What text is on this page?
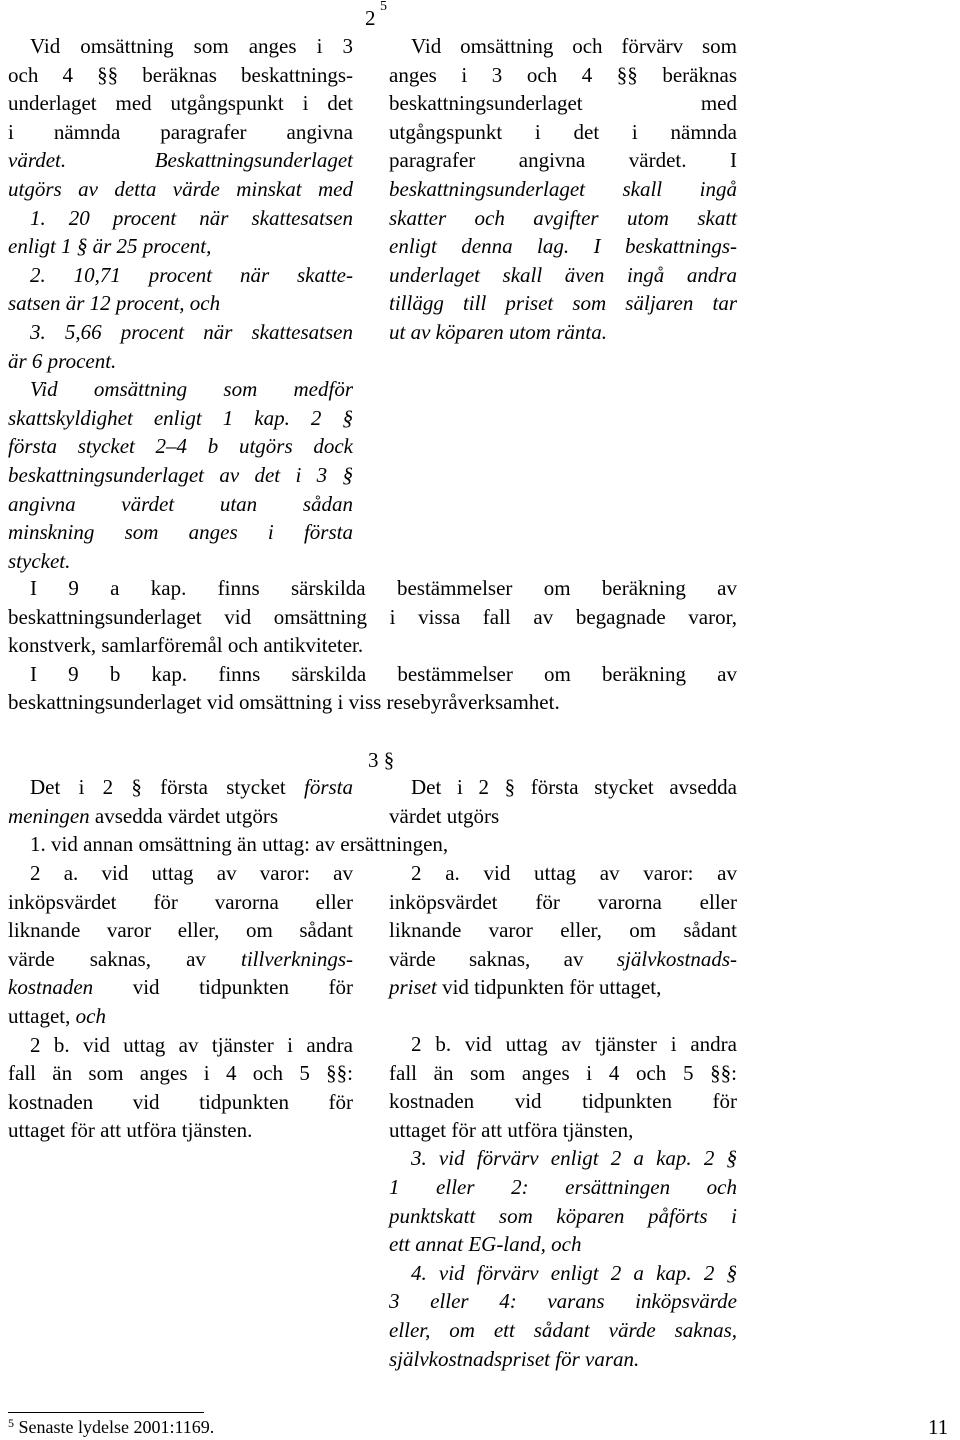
2 5

Vid omsättning som anges i 3

och 4 §§ beräknas beskattnings-

underlaget med utgångspunkt i det

i nämnda paragrafer angivna

värdet. Beskattningsunderlaget

utgörs av detta värde minskat med

1. 20 procent när skattesatsen

enligt 1 § är 25 procent,

2. 10,71 procent när skatte-

satsen är 12 procent, och

3. 5,66 procent när skattesatsen

är 6 procent.

Vid omsättning som medför

skattskyldighet enligt 1 kap. 2 §

första stycket 2–4 b utgörs dock

beskattningsunderlaget av det i 3 §

angivna värdet utan sådan

minskning som anges i första

stycket.

Vid omsättning och förvärv som

anges i 3 och 4 §§ beräknas

beskattningsunderlaget med

utgångspunkt i det i nämnda

paragrafer angivna värdet. I

beskattningsunderlaget skall ingå

skatter och avgifter utom skatt

enligt denna lag. I beskattnings-

underlaget skall även ingå andra

tillägg till priset som säljaren tar

ut av köparen utom ränta.

I 9 a kap. finns särskilda bestämmelser om beräkning av

beskattningsunderlaget vid omsättning i vissa fall av begagnade varor,

konstverk, samlarföremål och antikviteter.

I 9 b kap. finns särskilda bestämmelser om beräkning av

beskattningsunderlaget vid omsättning i viss resebyråverksamhet.

3 §

Det i 2 § första stycket första

meningen avsedda värdet utgörs

1. vid annan omsättning än uttag: av ersättningen,

2 a. vid uttag av varor: av

inköpsvärdet för varorna eller

liknande varor eller, om sådant

värde saknas, av tillverknings-

kostnaden vid tidpunkten för

uttaget, och

2 b. vid uttag av tjänster i andra

fall än som anges i 4 och 5 §§:

kostnaden vid tidpunkten för

uttaget för att utföra tjänsten.

Det i 2 § första stycket avsedda

värdet utgörs

2 a. vid uttag av varor: av

inköpsvärdet för varorna eller

liknande varor eller, om sådant

värde saknas, av självkostnads-

priset vid tidpunkten för uttaget,

2 b. vid uttag av tjänster i andra

fall än som anges i 4 och 5 §§:

kostnaden vid tidpunkten för

uttaget för att utföra tjänsten,

3. vid förvärv enligt 2 a kap. 2 §

1 eller 2: ersättningen och

punktskatt som köparen påförts i

ett annat EG-land, och

4. vid förvärv enligt 2 a kap. 2 §

3 eller 4: varans inköpsvärde

eller, om ett sådant värde saknas,

självkostnadspriset för varan.

$^5$ Senaste lydelse 2001:1169.	11
